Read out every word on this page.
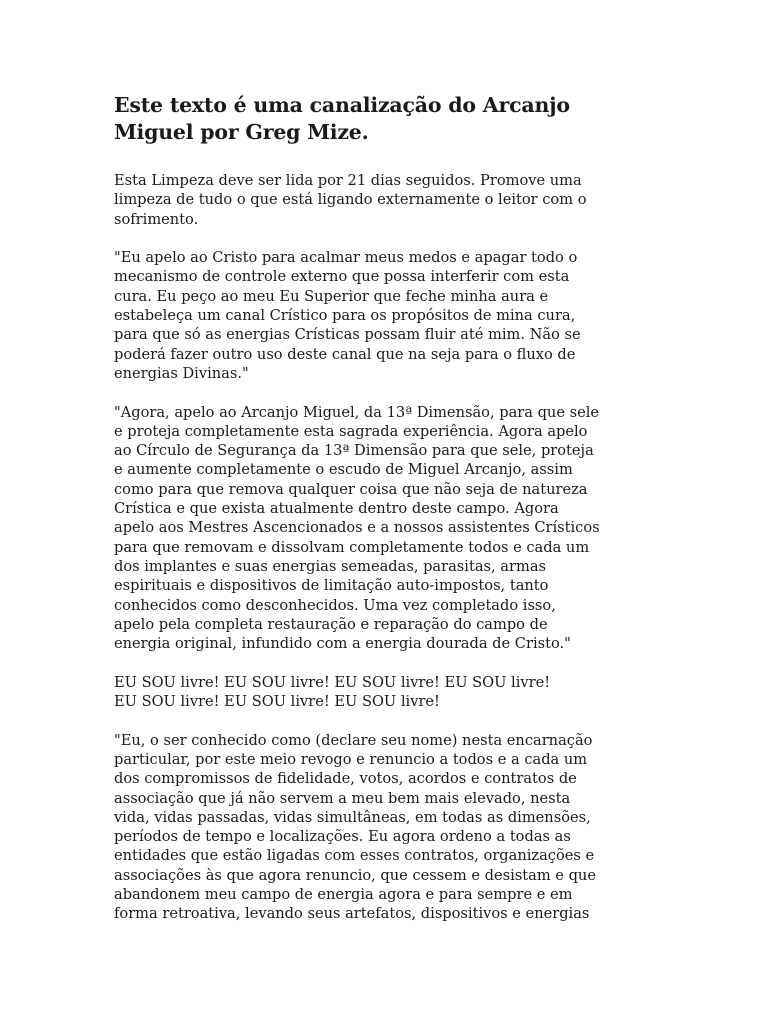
Este texto é uma canalização do Arcanjo
Miguel por Greg Mize.

Esta Limpeza deve ser lida por 21 dias seguidos. Promove uma
limpeza de tudo o que está ligando externamente o leitor com o
sofrimento.

"Eu apelo ao Cristo para acalmar meus medos e apagar todo o
mecanismo de controle externo que possa interferir com esta
cura. Eu peço ao meu Eu Superior que feche minha aura e
estabeleça um canal Crístico para os propósitos de mina cura,
para que só as energias Crísticas possam fluir até mim. Não se
poderá fazer outro uso deste canal que na seja para o fluxo de
energias Divinas."

"Agora, apelo ao Arcanjo Miguel, da 13ª Dimensão, para que sele
e proteja completamente esta sagrada experiência. Agora apelo
ao Círculo de Segurança da 13ª Dimensão para que sele, proteja
e aumente completamente o escudo de Miguel Arcanjo, assim
como para que remova qualquer coisa que não seja de natureza
Crística e que exista atualmente dentro deste campo. Agora
apelo aos Mestres Ascencionados e a nossos assistentes Crísticos
para que removam e dissolvam completamente todos e cada um
dos implantes e suas energias semeadas, parasitas, armas
espirituais e dispositivos de limitação auto-impostos, tanto
conhecidos como desconhecidos. Uma vez completado isso,
apelo pela completa restauração e reparação do campo de
energia original, infundido com a energia dourada de Cristo."

EU SOU livre! EU SOU livre! EU SOU livre! EU SOU livre!
EU SOU livre! EU SOU livre! EU SOU livre!

"Eu, o ser conhecido como (declare seu nome) nesta encarnação
particular, por este meio revogo e renuncio a todos e a cada um
dos compromissos de fidelidade, votos, acordos e contratos de
associação que já não servem a meu bem mais elevado, nesta
vida, vidas passadas, vidas simultâneas, em todas as dimensões,
períodos de tempo e localizações. Eu agora ordeno a todas as
entidades que estão ligadas com esses contratos, organizações e
associações às que agora renuncio, que cessem e desistam e que
abandonem meu campo de energia agora e para sempre e em
forma retroativa, levando seus artefatos, dispositivos e energias
